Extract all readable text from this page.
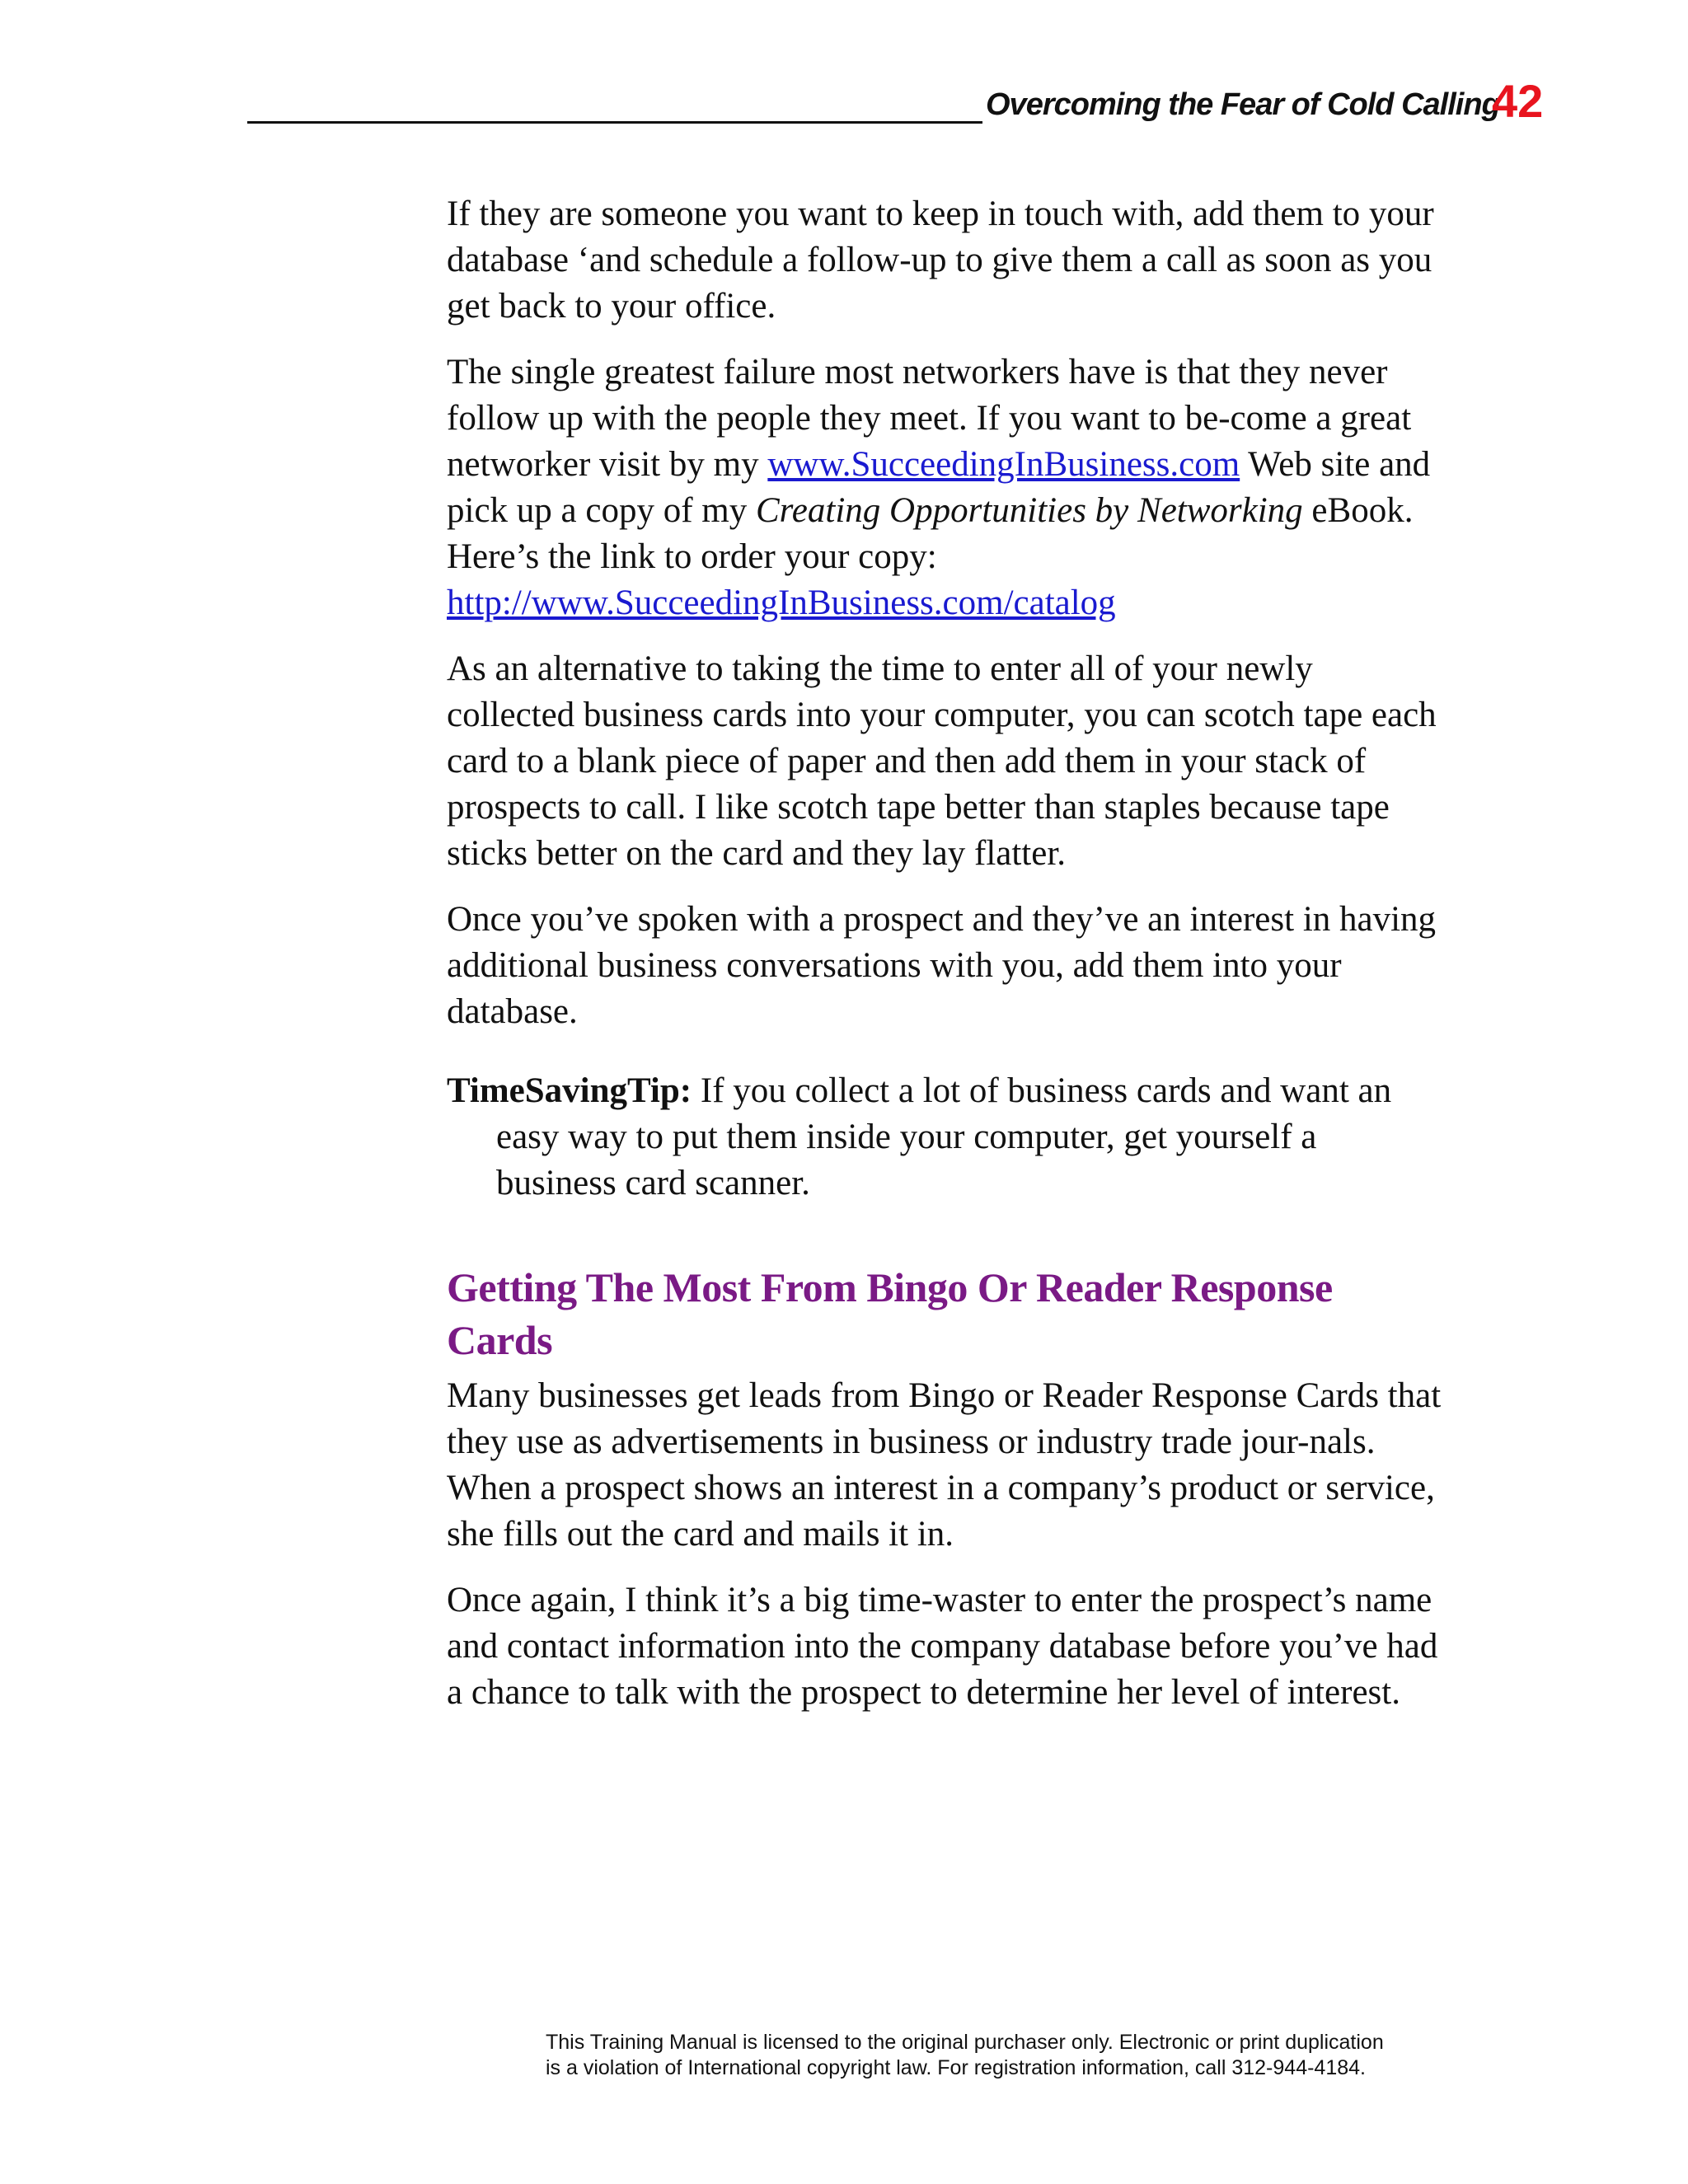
Overcoming the Fear of Cold Calling
42

If they are someone you want to keep in touch with, add them to your database ‘and schedule a follow-up to give them a call as soon as you get back to your office.

The single greatest failure most networkers have is that they never follow up with the people they meet. If you want to be-come a great networker visit by my www.SucceedingInBusiness.com Web site and pick up a copy of my Creating Opportunities by Networking eBook. Here’s the link to order your copy: http://www.SucceedingInBusiness.com/catalog

As an alternative to taking the time to enter all of your newly collected business cards into your computer, you can scotch tape each card to a blank piece of paper and then add them in your stack of prospects to call. I like scotch tape better than staples because tape sticks better on the card and they lay flatter.

Once you’ve spoken with a prospect and they’ve an interest in having additional business conversations with you, add them into your database.

TimeSavingTip: If you collect a lot of business cards and want an easy way to put them inside your computer, get yourself a business card scanner.

Getting The Most From Bingo Or Reader Response Cards

Many businesses get leads from Bingo or Reader Response Cards that they use as advertisements in business or industry trade jour-nals. When a prospect shows an interest in a company’s product or service, she fills out the card and mails it in.

Once again, I think it’s a big time-waster to enter the prospect’s name and contact information into the company database before you’ve had a chance to talk with the prospect to determine her level of interest.

This Training Manual is licensed to the original purchaser only. Electronic or print duplication
is a violation of International copyright law. For registration information, call 312-944-4184.
